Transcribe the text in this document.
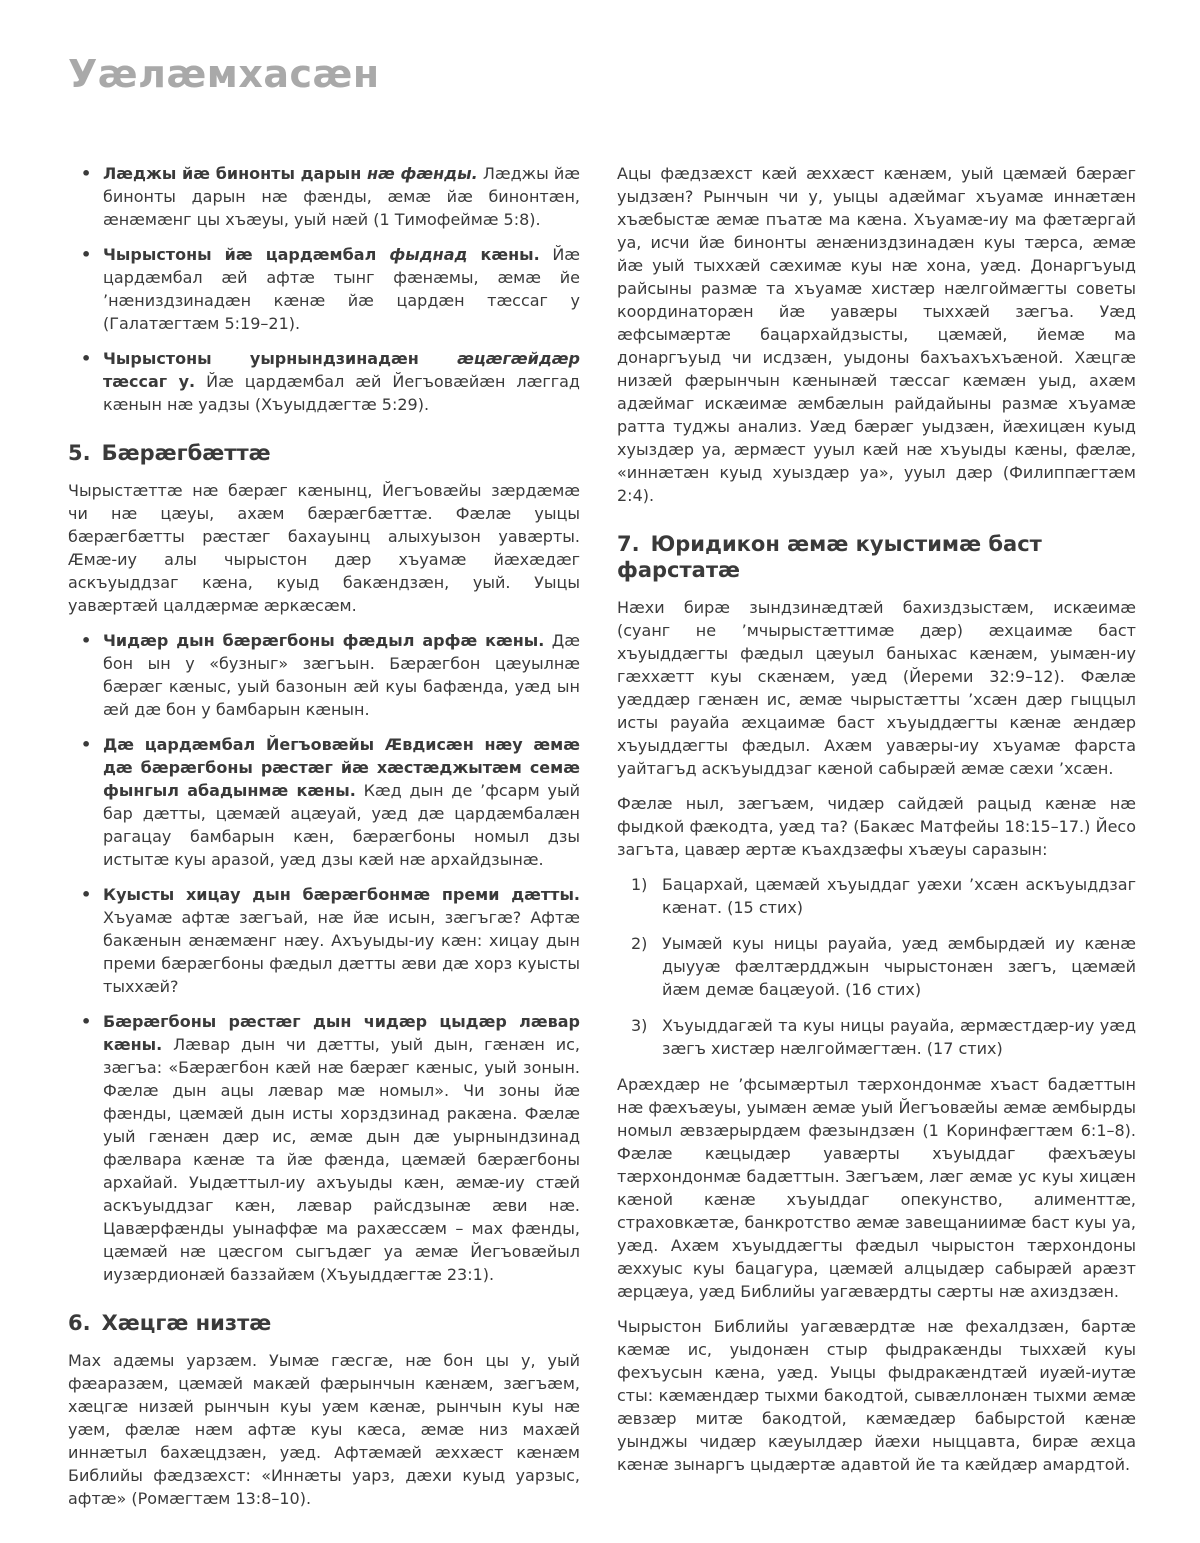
Уӕлӕмхасӕн
• Лӕджы йӕ бинонты дарын нӕ фӕнды. Лӕджы йӕ бинонты дарын нӕ фӕнды, ӕмӕ йӕ бинонтӕн, ӕнӕмӕнг цы хъӕуы, уый нӕй (1 Тимофеймӕ 5:8).
• Чырыстоны йӕ цардӕмбал фыднад кӕны. Йӕ цардӕмбал ӕй афтӕ тынг фӕнӕмы, ӕмӕ йе ’нӕниздзинадӕн кӕнӕ йӕ цардӕн тӕссаг у (Галатӕгтӕм 5:19–21).
• Чырыстоны уырнындзинадӕн ӕцӕгӕйдӕр тӕссаг у. Йӕ цардӕмбал ӕй Йегъовӕйӕн лӕггад кӕнын нӕ уадзы (Хъуыддӕгтӕ 5:29).
5. Бӕрӕгбӕттӕ

Чырыстӕттӕ нӕ бӕрӕг кӕнынц, Йегъовӕйы зӕрдӕмӕ чи нӕ цӕуы, ахӕм бӕрӕгбӕттӕ. Фӕлӕ уыцы бӕрӕгбӕтты рӕстӕг бахауынц алыхуызон уавӕрты. Ӕмӕ-иу алы чырыстон дӕр хъуамӕ йӕхӕдӕг аскъуыддзаг кӕна, куыд бакӕндзӕн, уый. Уыцы уавӕртӕй цалдӕрмӕ ӕркӕсӕм.

• Чидӕр дын бӕрӕгбоны фӕдыл арфӕ кӕны. Дӕ бон ын у «бузныг» зӕгъын. Бӕрӕгбон цӕуылнӕ бӕрӕг кӕныс, уый базонын ӕй куы бафӕнда, уӕд ын ӕй дӕ бон у бамбарын кӕнын.
• Дӕ цардӕмбал Йегъовӕйы Ӕвдисӕн нӕу ӕмӕ дӕ бӕрӕгбоны рӕстӕг йӕ хӕстӕджытӕм семӕ фынгыл абадынмӕ кӕны. Кӕд дын де ’фсарм уый бар дӕтты, цӕмӕй ацӕуай, уӕд дӕ цардӕмбалӕн рагацау бамбарын кӕн, бӕрӕгбоны номыл дзы истытӕ куы аразой, уӕд дзы кӕй нӕ архайдзынӕ.
• Куысты хицау дын бӕрӕгбонмӕ преми дӕтты. Хъуамӕ афтӕ зӕгъай, нӕ йӕ исын, зӕгъгӕ? Афтӕ бакӕнын ӕнӕмӕнг нӕу. Ахъуыды-иу кӕн: хицау дын преми бӕрӕгбоны фӕдыл дӕтты ӕви дӕ хорз куысты тыххӕй?
• Бӕрӕгбоны рӕстӕг дын чидӕр цыдӕр лӕвар кӕны. Лӕвар дын чи дӕтты, уый дын, гӕнӕн ис, зӕгъа: «Бӕрӕгбон кӕй нӕ бӕрӕг кӕныс, уый зонын. Фӕлӕ дын ацы лӕвар мӕ номыл». Чи зоны йӕ фӕнды, цӕмӕй дын исты хорздзинад ракӕна. Фӕлӕ уый гӕнӕн дӕр ис, ӕмӕ дын дӕ уырнындзинад фӕлвара кӕнӕ та йӕ фӕнда, цӕмӕй бӕрӕгбоны архайай. Уыдӕттыл-иу ахъуыды кӕн, ӕмӕ-иу стӕй аскъуыддзаг кӕн, лӕвар райсдзынӕ ӕви нӕ. Цавӕрфӕнды уынаффӕ ма рахӕссӕм – мах фӕнды, цӕмӕй нӕ цӕсгом сыгъдӕг уа ӕмӕ Йегъовӕйыл иузӕрдионӕй баззайӕм (Хъуыддӕгтӕ 23:1).
6. Хӕцгӕ низтӕ

Мах адӕмы уарзӕм. Уымӕ гӕсгӕ, нӕ бон цы у, уый фӕаразӕм, цӕмӕй макӕй фӕрынчын кӕнӕм, зӕгъӕм, хӕцгӕ низӕй рынчын куы уӕм кӕнӕ, рынчын куы нӕ уӕм, фӕлӕ нӕм афтӕ куы кӕса, ӕмӕ низ махӕй иннӕтыл бахӕцдзӕн, уӕд. Афтӕмӕй ӕххӕст кӕнӕм Библийы фӕдзӕхст: «Иннӕты уарз, дӕхи куыд уарзыс, афтӕ» (Ромӕгтӕм 13:8–10).

Ацы фӕдзӕхст кӕй ӕххӕст кӕнӕм, уый цӕмӕй бӕрӕг уыдзӕн? Рынчын чи у, уыцы адӕймаг хъуамӕ иннӕтӕн хъӕбыстӕ ӕмӕ пъатӕ ма кӕна. Хъуамӕ-иу ма фӕтӕргай уа, исчи йӕ бинонты ӕнӕниздзинадӕн куы тӕрса, ӕмӕ йӕ уый тыххӕй сӕхимӕ куы нӕ хона, уӕд. Донаргъуыд райсыны размӕ та хъуамӕ хистӕр нӕлгоймӕгты советы координаторӕн йӕ уавӕры тыххӕй зӕгъа. Уӕд ӕфсымӕртӕ бацархайдзысты, цӕмӕй, йемӕ ма донаргъуыд чи исдзӕн, уыдоны бахъахъхъӕной. Хӕцгӕ низӕй фӕрынчын кӕнынӕй тӕссаг кӕмӕн уыд, ахӕм адӕймаг искӕимӕ ӕмбӕлын райдайыны размӕ хъуамӕ ратта туджы анализ. Уӕд бӕрӕг уыдзӕн, йӕхицӕн куыд хуыздӕр уа, ӕрмӕст ууыл кӕй нӕ хъуыды кӕны, фӕлӕ, «иннӕтӕн куыд хуыздӕр уа», ууыл дӕр (Филиппӕгтӕм 2:4).

7. Юридикон ӕмӕ куыстимӕ баст фарстатӕ

Нӕхи бирӕ зындзинӕдтӕй бахиздзыстӕм, искӕимӕ (суанг не ’мчырыстӕттимӕ дӕр) ӕхцаимӕ баст хъуыддӕгты фӕдыл цӕуыл баныхас кӕнӕм, уымӕн-иу гӕххӕтт куы скӕнӕм, уӕд (Йереми 32:9–12). Фӕлӕ уӕддӕр гӕнӕн ис, ӕмӕ чырыстӕтты ’хсӕн дӕр гыццыл исты рауайа ӕхцаимӕ баст хъуыддӕгты кӕнӕ ӕндӕр хъуыддӕгты фӕдыл. Ахӕм уавӕры-иу хъуамӕ фарста уайтагъд аскъуыддзаг кӕной сабырӕй ӕмӕ сӕхи ’хсӕн.

Фӕлӕ ныл, зӕгъӕм, чидӕр сайдӕй рацыд кӕнӕ нӕ фыдкой фӕкодта, уӕд та? (Бакӕс Матфейы 18:15–17.) Йесо загъта, цавӕр ӕртӕ къахдзӕфы хъӕуы саразын:

1) Бацархай, цӕмӕй хъуыддаг уӕхи ’хсӕн аскъуыддзаг кӕнат. (15 стих)
2) Уымӕй куы ницы рауайа, уӕд ӕмбырдӕй иу кӕнӕ дыууӕ фӕлтӕрдджын чырыстонӕн зӕгъ, цӕмӕй йӕм демӕ бацӕуой. (16 стих)
3) Хъуыддагӕй та куы ницы рауайа, ӕрмӕстдӕр-иу уӕд зӕгъ хистӕр нӕлгоймӕгтӕн. (17 стих)

Арӕхдӕр не ’фсымӕртыл тӕрхондонмӕ хъаст бадӕттын нӕ фӕхъӕуы, уымӕн ӕмӕ уый Йегъовӕйы ӕмӕ ӕмбырды номыл ӕвзӕрырдӕм фӕзындзӕн (1 Коринфӕгтӕм 6:1–8). Фӕлӕ кӕцыдӕр уавӕрты хъуыддаг фӕхъӕуы тӕрхондонмӕ бадӕттын. Зӕгъӕм, лӕг ӕмӕ ус куы хицӕн кӕной кӕнӕ хъуыддаг опекунство, алименттӕ, страховкӕтӕ, банкротство ӕмӕ завещаниимӕ баст куы уа, уӕд. Ахӕм хъуыддӕгты фӕдыл чырыстон тӕрхондоны ӕххуыс куы бацагура, цӕмӕй алцыдӕр сабырӕй арӕзт ӕрцӕуа, уӕд Библийы уагӕвӕрдты сӕрты нӕ ахиздзӕн.

Чырыстон Библийы уагӕвӕрдтӕ нӕ фехалдзӕн, бартӕ кӕмӕ ис, уыдонӕн стыр фыдракӕнды тыххӕй куы фехъусын кӕна, уӕд. Уыцы фыдракӕндтӕй иуӕй-иутӕ сты: кӕмӕндӕр тыхми бакодтой, сывӕллонӕн тыхми ӕмӕ ӕвзӕр митӕ бакодтой, кӕмӕдӕр бабырстой кӕнӕ уынджы чидӕр кӕуылдӕр йӕхи ныццавта, бирӕ ӕхца кӕнӕ зынаргъ цыдӕртӕ адавтой йе та кӕйдӕр амардтой.
